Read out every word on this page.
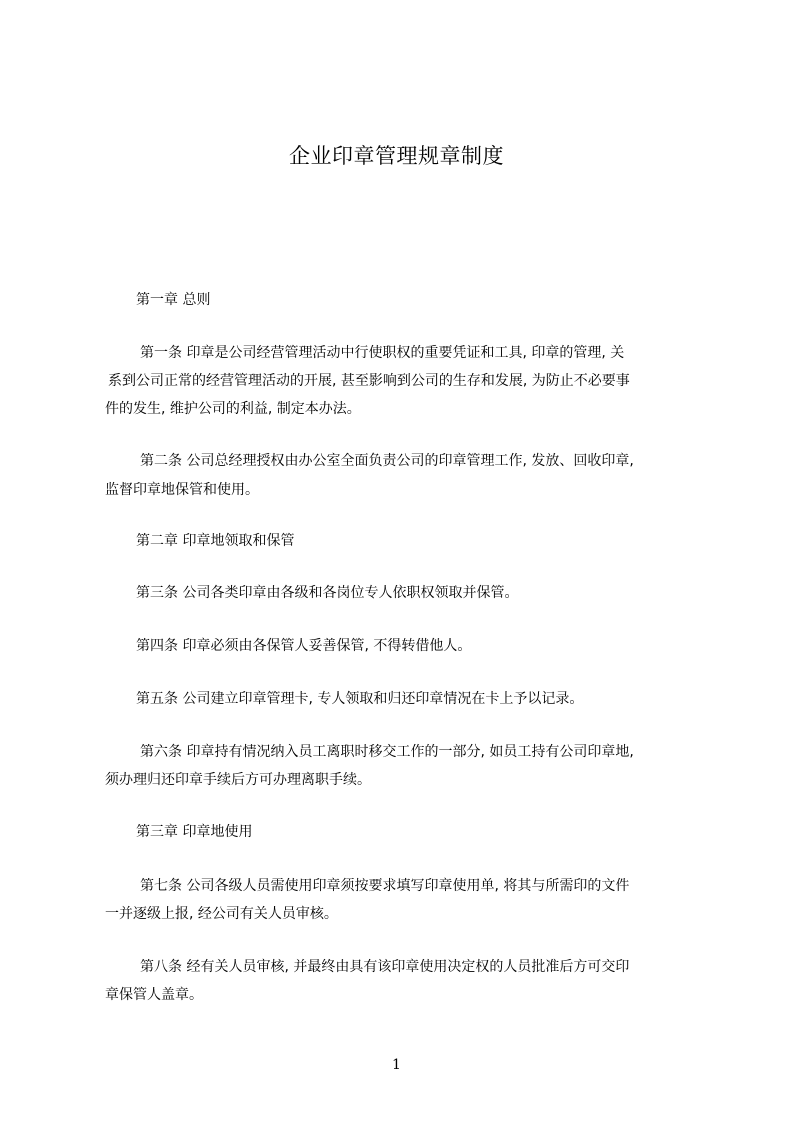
企业印章管理规章制度
第一章 总则
第一条 印章是公司经营管理活动中行使职权的重要凭证和工具, 印章的管理, 关
系到公司正常的经营管理活动的开展, 甚至影响到公司的生存和发展, 为防止不必要事
件的发生, 维护公司的利益, 制定本办法。
第二条 公司总经理授权由办公室全面负责公司的印章管理工作, 发放、回收印章,
监督印章地保管和使用。
第二章 印章地领取和保管
第三条 公司各类印章由各级和各岗位专人依职权领取并保管。
第四条 印章必须由各保管人妥善保管, 不得转借他人。
第五条 公司建立印章管理卡, 专人领取和归还印章情况在卡上予以记录。
第六条 印章持有情况纳入员工离职时移交工作的一部分, 如员工持有公司印章地,
须办理归还印章手续后方可办理离职手续。
第三章 印章地使用
第七条 公司各级人员需使用印章须按要求填写印章使用单, 将其与所需印的文件
一并逐级上报, 经公司有关人员审核。
第八条 经有关人员审核, 并最终由具有该印章使用决定权的人员批准后方可交印
章保管人盖章。
1
